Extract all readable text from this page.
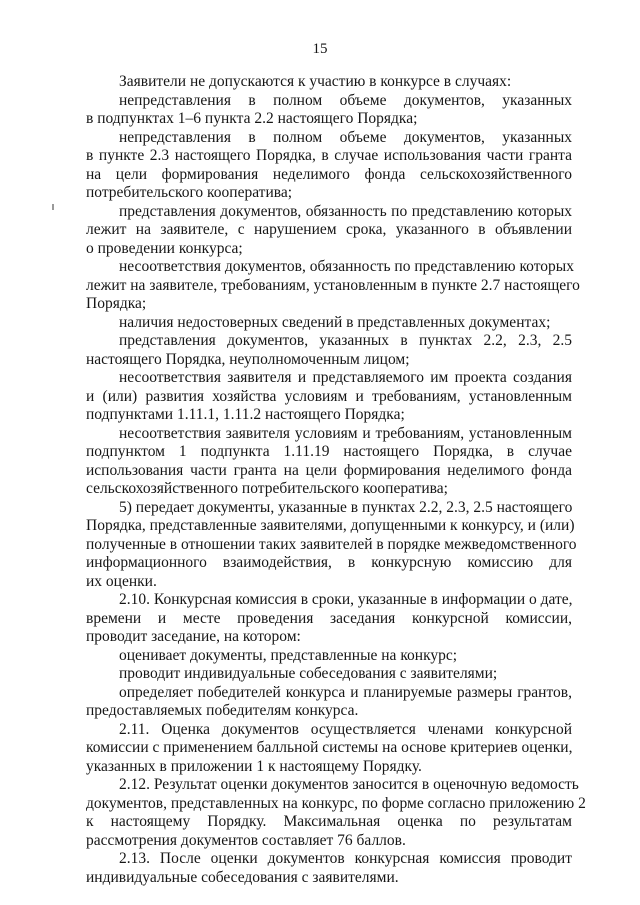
15
Заявители не допускаются к участию в конкурсе в случаях:
непредставления в полном объеме документов, указанных
в подпунктах 1–6 пункта 2.2 настоящего Порядка;
непредставления в полном объеме документов, указанных
в пункте 2.3 настоящего Порядка, в случае использования части гранта
на цели формирования неделимого фонда сельскохозяйственного
потребительского кооператива;
представления документов, обязанность по представлению которых
лежит на заявителе, с нарушением срока, указанного в объявлении
о проведении конкурса;
несоответствия документов, обязанность по представлению которых
лежит на заявителе, требованиям, установленным в пункте 2.7 настоящего
Порядка;
наличия недостоверных сведений в представленных документах;
представления документов, указанных в пунктах 2.2, 2.3, 2.5
настоящего Порядка, неуполномоченным лицом;
несоответствия заявителя и представляемого им проекта создания
и (или) развития хозяйства условиям и требованиям, установленным
подпунктами 1.11.1, 1.11.2 настоящего Порядка;
несоответствия заявителя условиям и требованиям, установленным
подпунктом 1 подпункта 1.11.19 настоящего Порядка, в случае
использования части гранта на цели формирования неделимого фонда
сельскохозяйственного потребительского кооператива;
5) передает документы, указанные в пунктах 2.2, 2.3, 2.5 настоящего
Порядка, представленные заявителями, допущенными к конкурсу, и (или)
полученные в отношении таких заявителей в порядке межведомственного
информационного взаимодействия, в конкурсную комиссию для
их оценки.
2.10. Конкурсная комиссия в сроки, указанные в информации о дате,
времени и месте проведения заседания конкурсной комиссии,
проводит заседание, на котором:
оценивает документы, представленные на конкурс;
проводит индивидуальные собеседования с заявителями;
определяет победителей конкурса и планируемые размеры грантов,
предоставляемых победителям конкурса.
2.11. Оценка документов осуществляется членами конкурсной
комиссии с применением балльной системы на основе критериев оценки,
указанных в приложении 1 к настоящему Порядку.
2.12. Результат оценки документов заносится в оценочную ведомость
документов, представленных на конкурс, по форме согласно приложению 2
к настоящему Порядку. Максимальная оценка по результатам
рассмотрения документов составляет 76 баллов.
2.13. После оценки документов конкурсная комиссия проводит
индивидуальные собеседования с заявителями.
